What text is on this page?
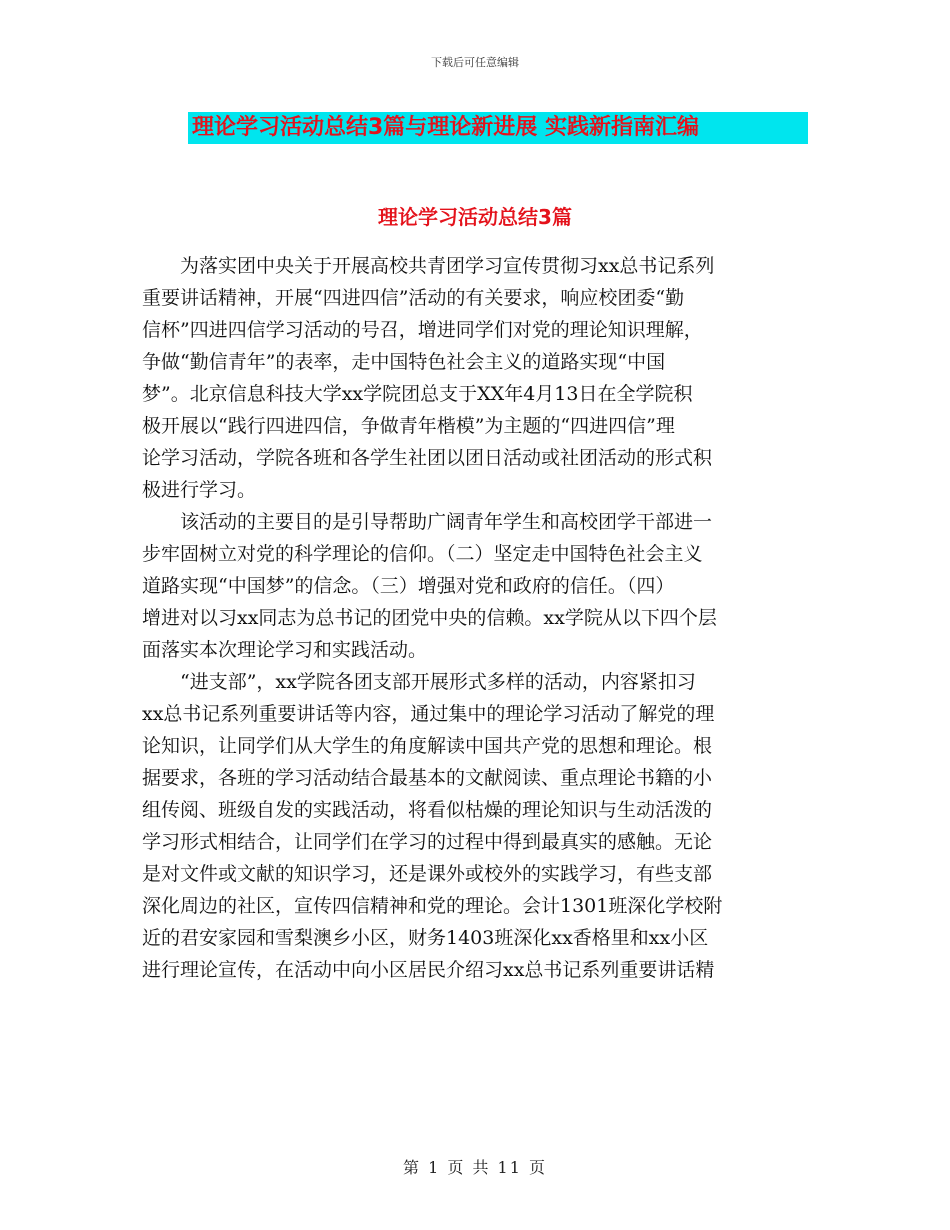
下载后可任意编辑
理论学习活动总结3篇与理论新进展 实践新指南汇编
理论学习活动总结3篇

为落实团中央关于开展高校共青团学习宣传贯彻习xx总书记系列
重要讲话精神，开展“四进四信”活动的有关要求，响应校团委“勤
信杯”四进四信学习活动的号召，增进同学们对党的理论知识理解，
争做“勤信青年”的表率，走中国特色社会主义的道路实现“中国
梦”。北京信息科技大学xx学院团总支于XX年4月13日在全学院积
极开展以“践行四进四信，争做青年楷模”为主题的“四进四信”理
论学习活动，学院各班和各学生社团以团日活动或社团活动的形式积
极进行学习。

该活动的主要目的是引导帮助广阔青年学生和高校团学干部进一
步牢固树立对党的科学理论的信仰。（二）坚定走中国特色社会主义
道路实现“中国梦”的信念。（三）增强对党和政府的信任。（四）
增进对以习xx同志为总书记的团党中央的信赖。xx学院从以下四个层
面落实本次理论学习和实践活动。

“进支部”，xx学院各团支部开展形式多样的活动，内容紧扣习
xx总书记系列重要讲话等内容，通过集中的理论学习活动了解党的理
论知识，让同学们从大学生的角度解读中国共产党的思想和理论。根
据要求，各班的学习活动结合最基本的文献阅读、重点理论书籍的小
组传阅、班级自发的实践活动，将看似枯燥的理论知识与生动活泼的
学习形式相结合，让同学们在学习的过程中得到最真实的感触。无论
是对文件或文献的知识学习，还是课外或校外的实践学习，有些支部
深化周边的社区，宣传四信精神和党的理论。会计1301班深化学校附
近的君安家园和雪梨澳乡小区，财务1403班深化xx香格里和xx小区
进行理论宣传，在活动中向小区居民介绍习xx总书记系列重要讲话精

第 1 页 共 11 页
